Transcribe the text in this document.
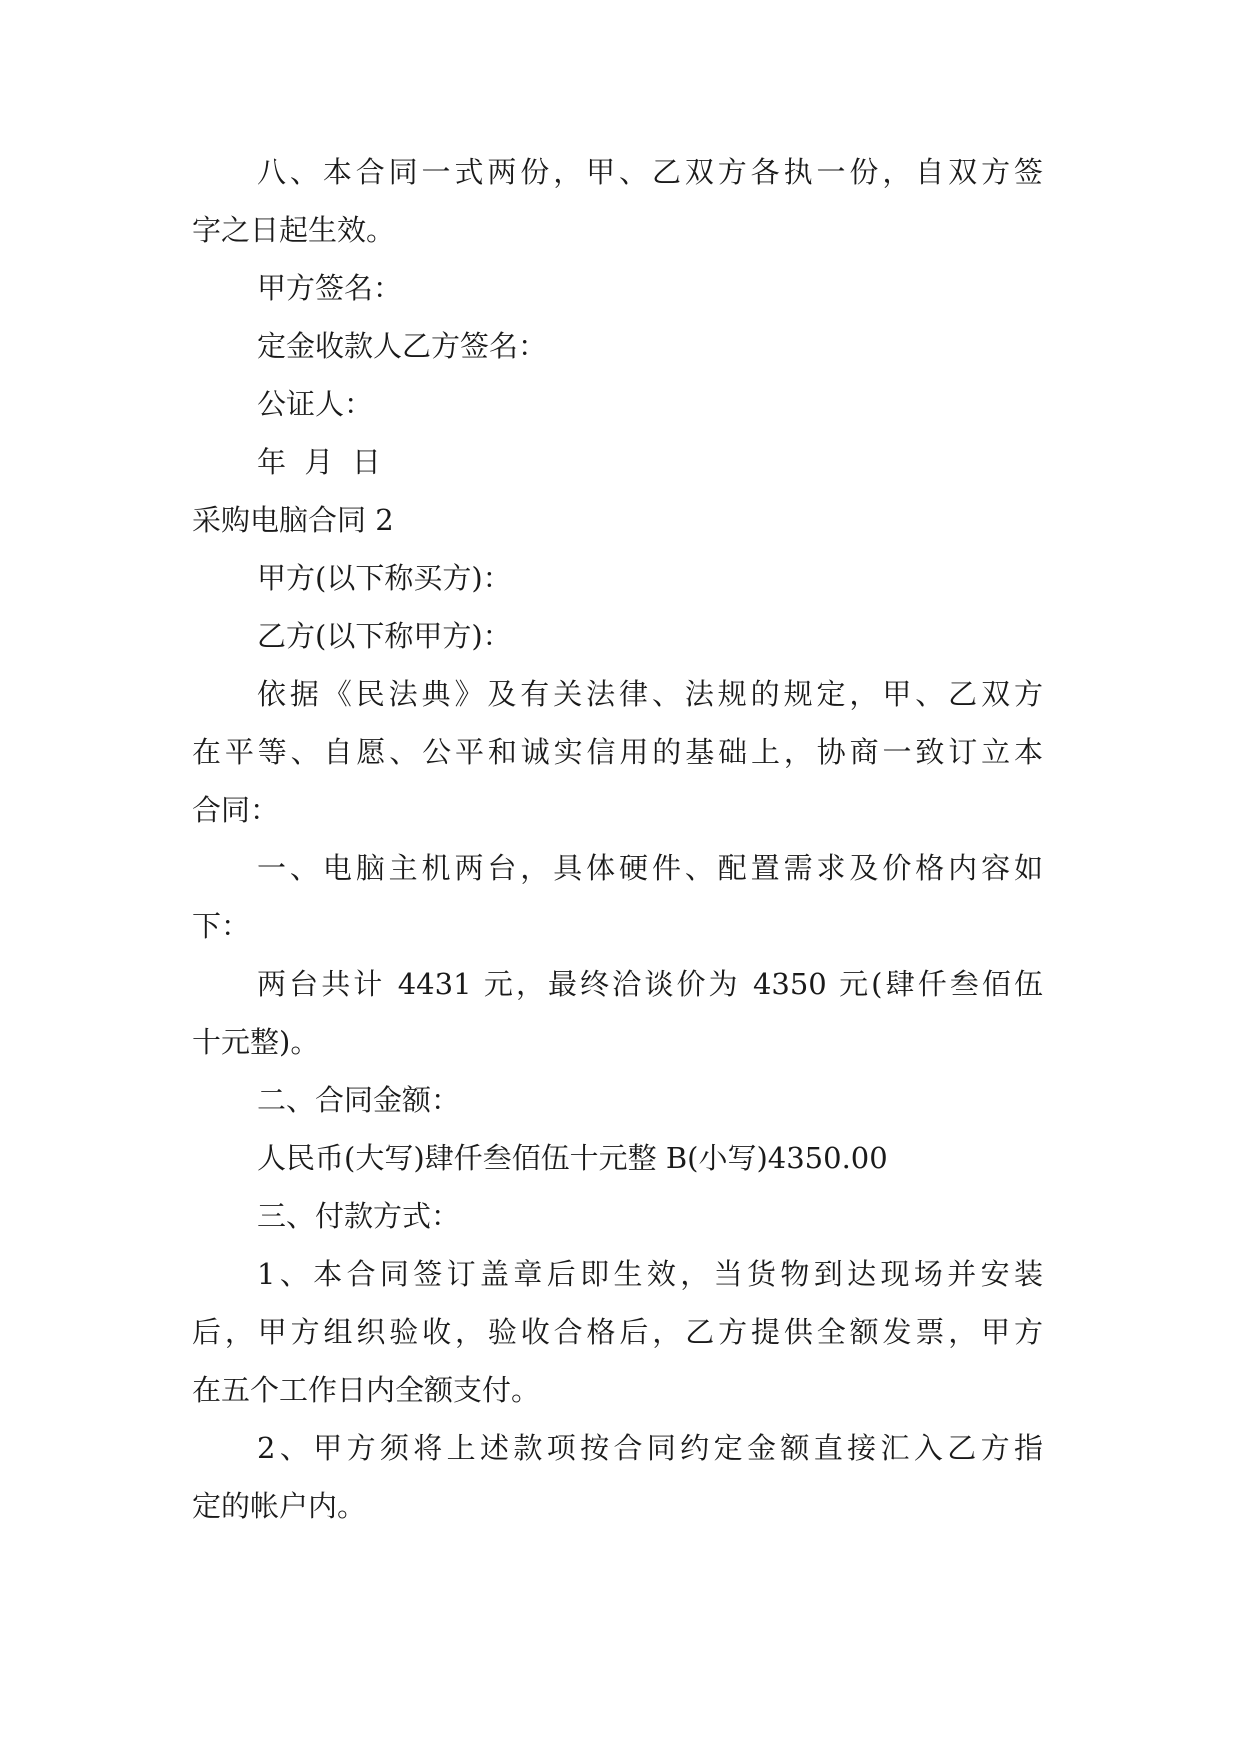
八、本合同一式两份，甲、乙双方各执一份，自双方签

字之日起生效。

甲方签名：

定金收款人乙方签名：

公证人：

年  月  日

采购电脑合同 2

甲方(以下称买方)：

乙方(以下称甲方)：

依据《民法典》及有关法律、法规的规定，甲、乙双方

在平等、自愿、公平和诚实信用的基础上，协商一致订立本

合同：

一、电脑主机两台，具体硬件、配置需求及价格内容如

下：

两台共计 4431 元，最终洽谈价为 4350 元(肆仟叁佰伍

十元整)。

二、合同金额：

人民币(大写)肆仟叁佰伍十元整 B(小写)4350.00

三、付款方式：

1、本合同签订盖章后即生效，当货物到达现场并安装

后，甲方组织验收，验收合格后，乙方提供全额发票，甲方

在五个工作日内全额支付。

2、甲方须将上述款项按合同约定金额直接汇入乙方指

定的帐户内。
